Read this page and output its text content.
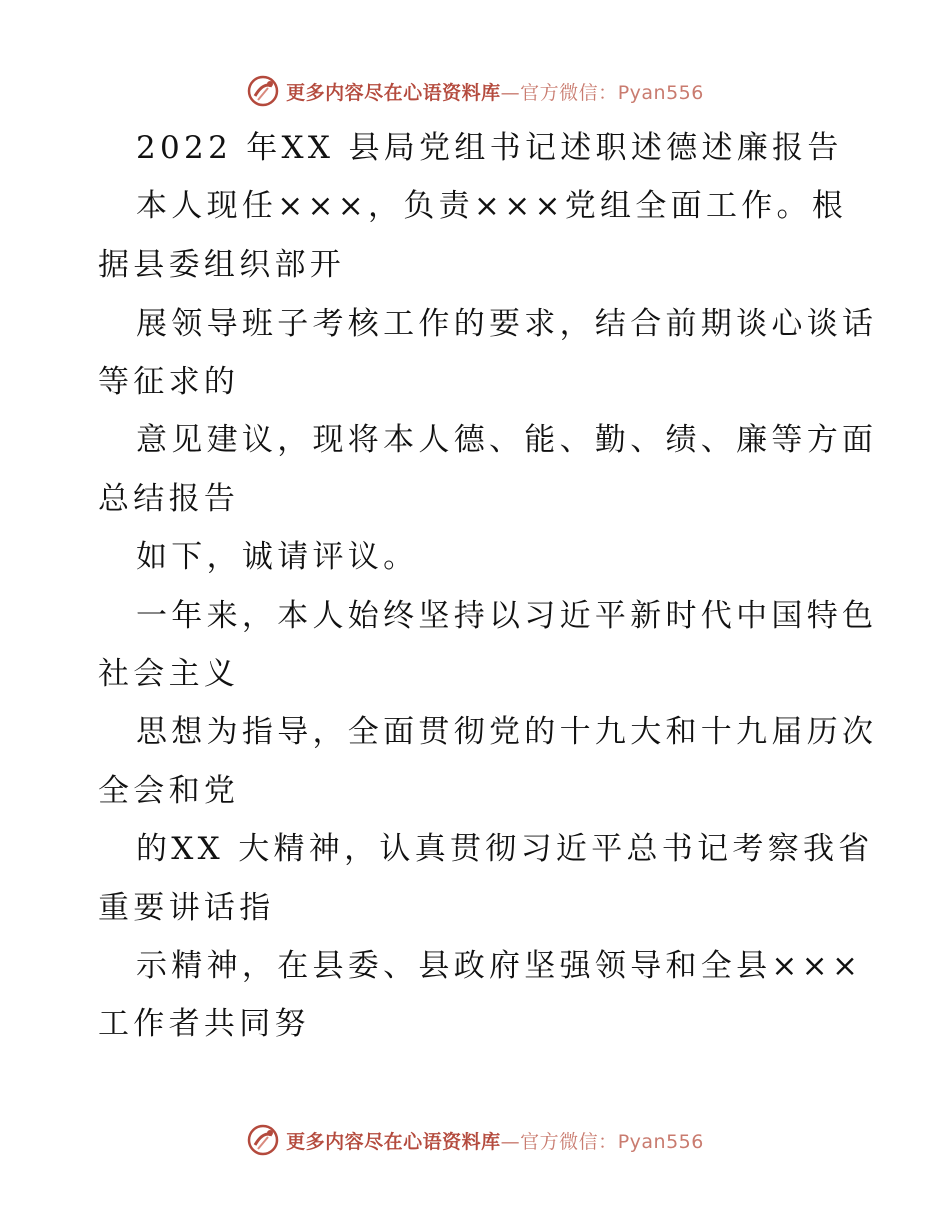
更多内容尽在心语资料库—官方微信：Pyan556
2022 年XX 县局党组书记述职述德述廉报告
本人现任×××，负责×××党组全面工作。根
据县委组织部开
展领导班子考核工作的要求，结合前期谈心谈话
等征求的
意见建议，现将本人德、能、勤、绩、廉等方面
总结报告
如下，诚请评议。
一年来，本人始终坚持以习近平新时代中国特色
社会主义
思想为指导，全面贯彻党的十九大和十九届历次
全会和党
的XX 大精神，认真贯彻习近平总书记考察我省
重要讲话指
示精神，在县委、县政府坚强领导和全县×××
工作者共同努
更多内容尽在心语资料库—官方微信：Pyan556
